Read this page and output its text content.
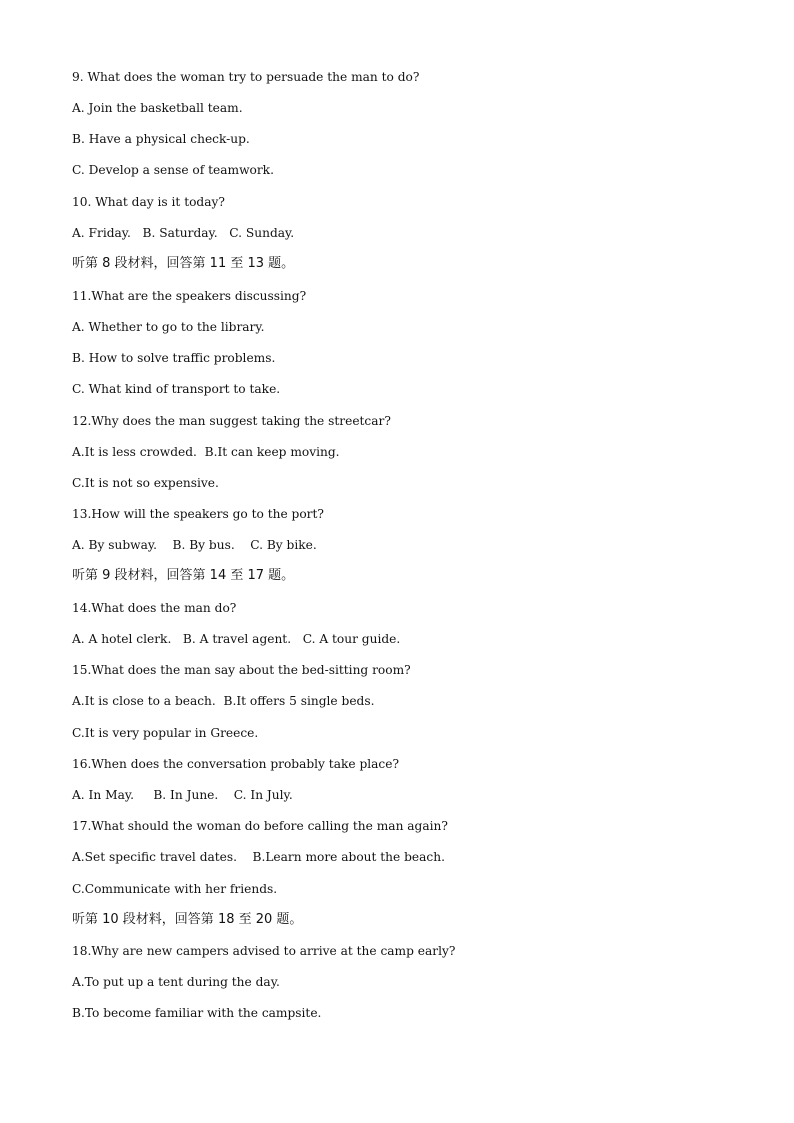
9. What does the woman try to persuade the man to do?

A. Join the basketball team.

B. Have a physical check-up.

C. Develop a sense of teamwork.

10. What day is it today?

A. Friday.   B. Saturday.   C. Sunday.

听第 8 段材料，回答第 11 至 13 题。

11.What are the speakers discussing?

A. Whether to go to the library.

B. How to solve traffic problems.

C. What kind of transport to take.

12.Why does the man suggest taking the streetcar?

A.It is less crowded.  B.It can keep moving.

C.It is not so expensive.

13.How will the speakers go to the port?

A. By subway.    B. By bus.    C. By bike.

听第 9 段材料，回答第 14 至 17 题。

14.What does the man do?

A. A hotel clerk.   B. A travel agent.   C. A tour guide.

15.What does the man say about the bed-sitting room?

A.It is close to a beach.  B.It offers 5 single beds.

C.It is very popular in Greece.

16.When does the conversation probably take place?

A. In May.     B. In June.    C. In July.

17.What should the woman do before calling the man again?

A.Set specific travel dates.    B.Learn more about the beach.

C.Communicate with her friends.

听第 10 段材料，回答第 18 至 20 题。

18.Why are new campers advised to arrive at the camp early?

A.To put up a tent during the day.

B.To become familiar with the campsite.
